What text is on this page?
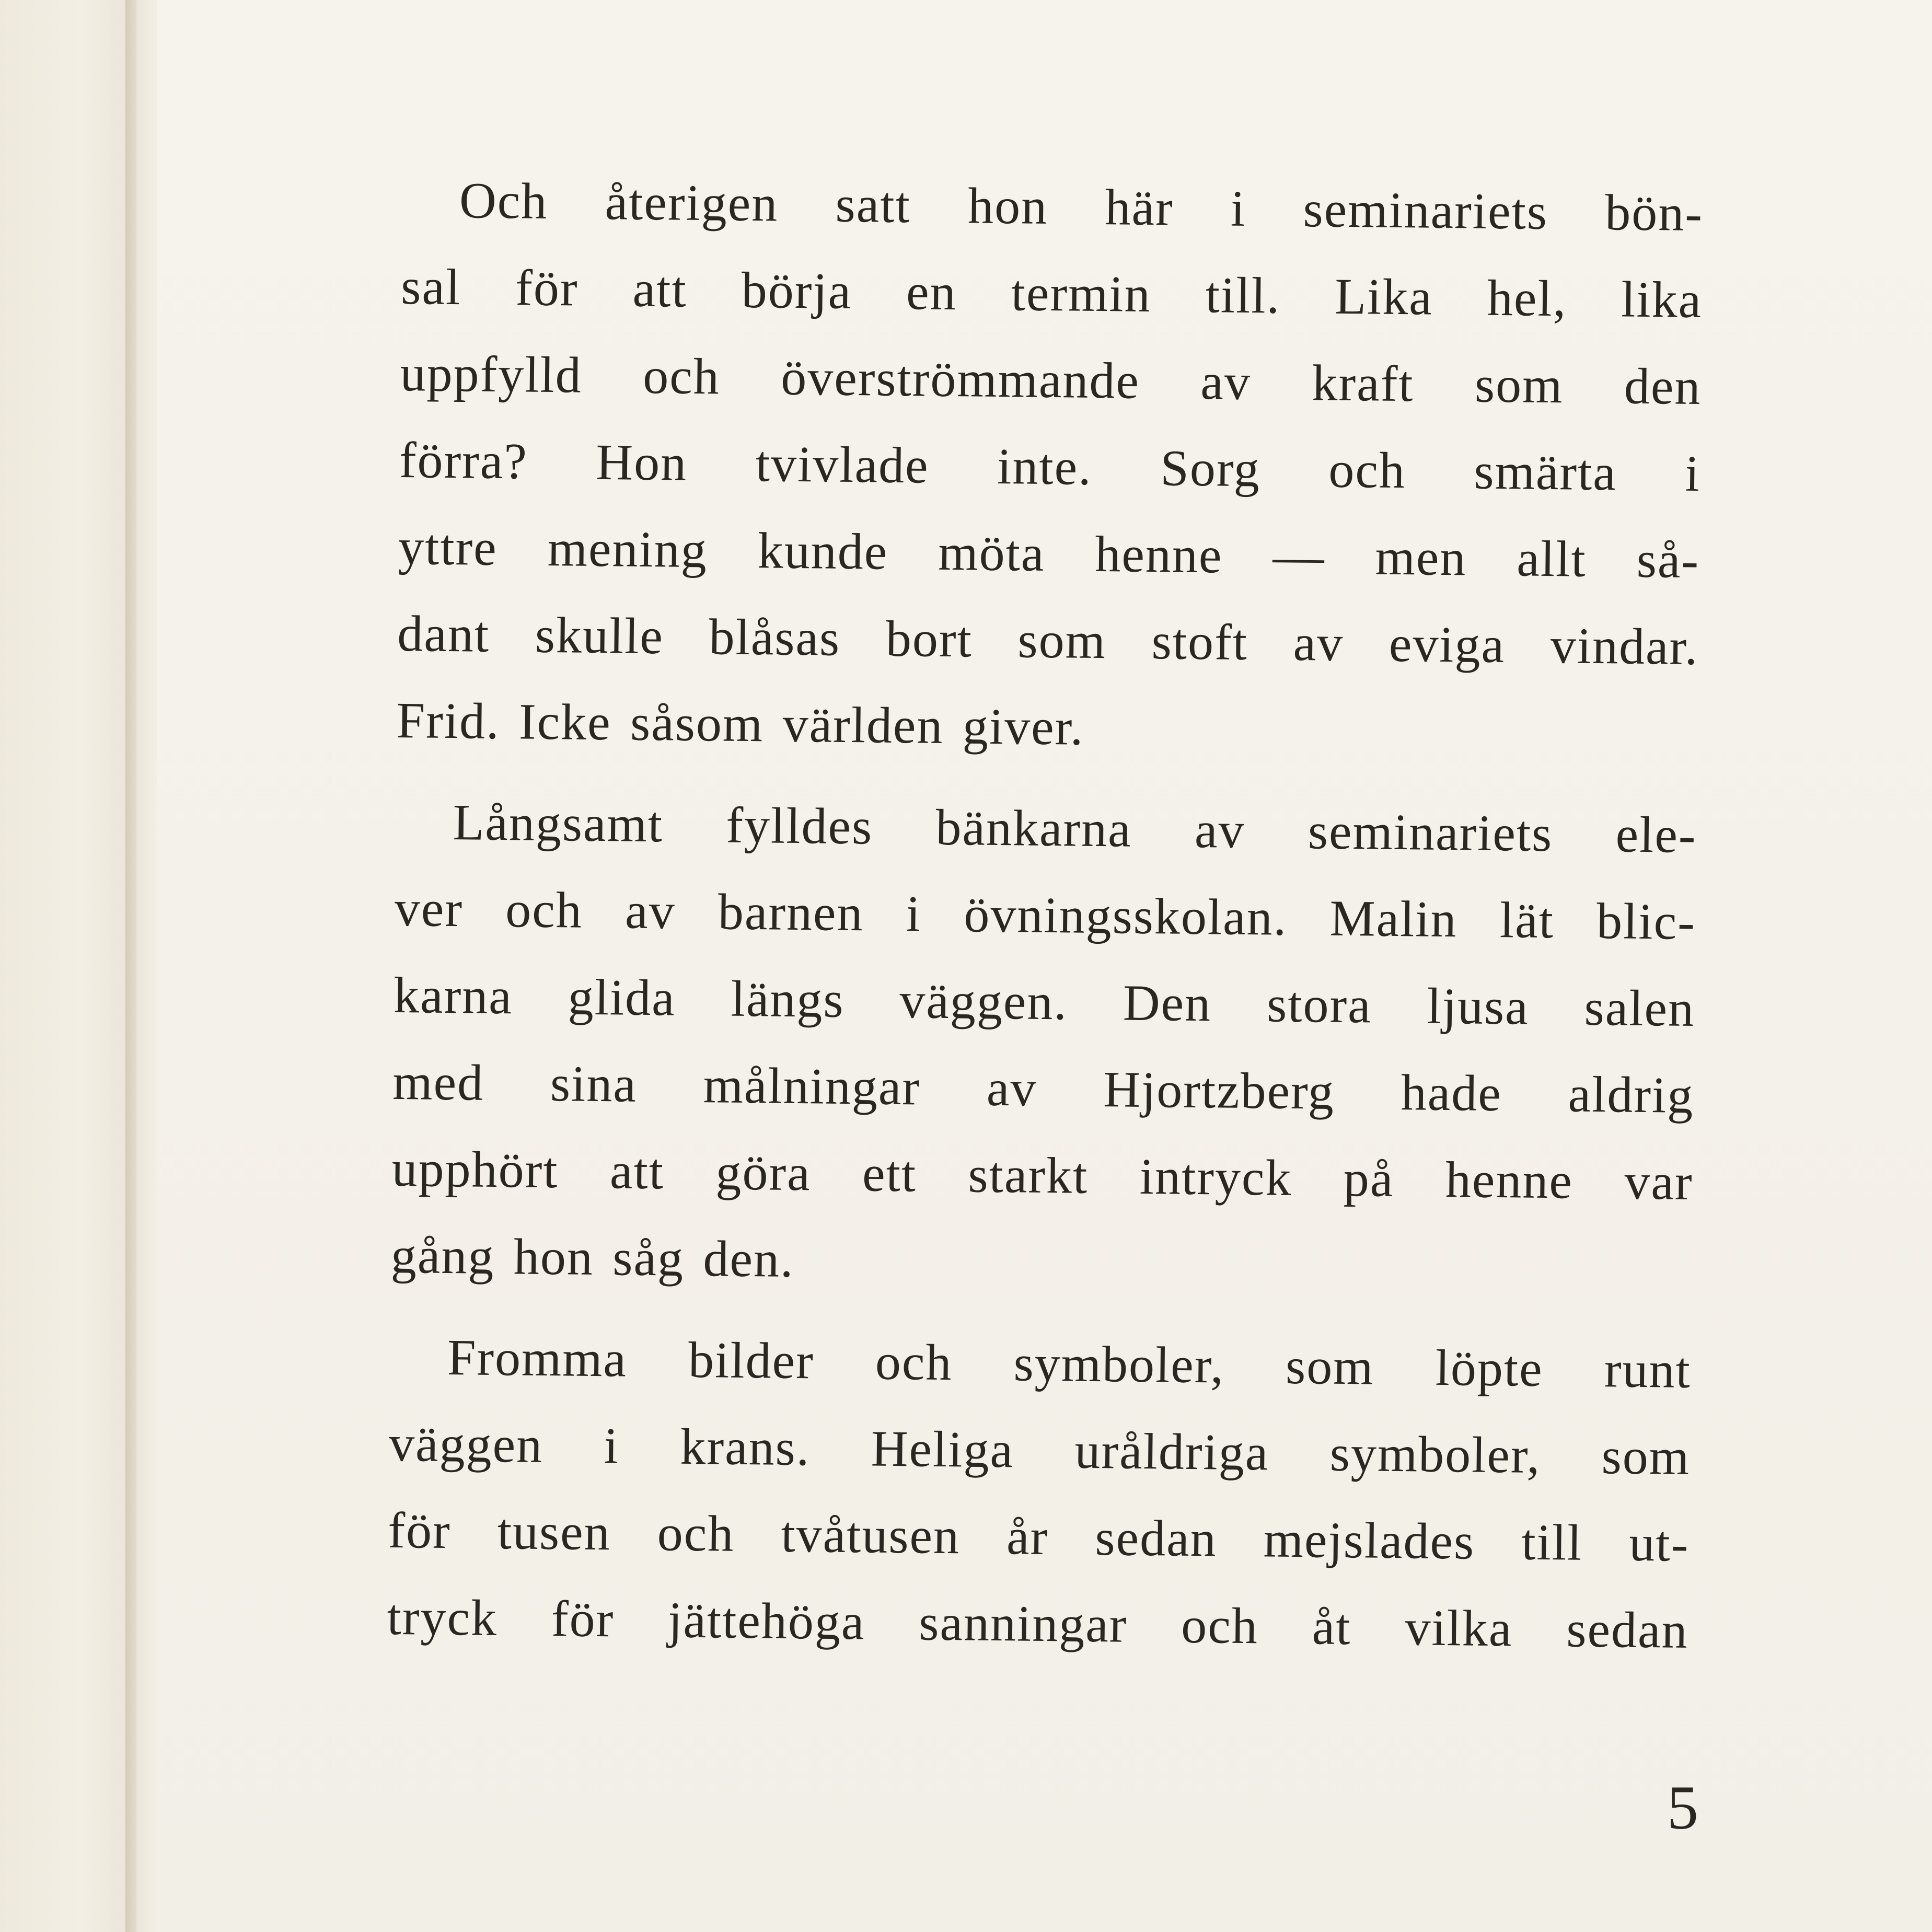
Och återigen satt hon här i seminariets bön-
sal för att börja en termin till. Lika hel, lika
uppfylld och överströmmande av kraft som den
förra? Hon tvivlade inte. Sorg och smärta i
yttre mening kunde möta henne — men allt så-
dant skulle blåsas bort som stoft av eviga vindar.
Frid. Icke såsom världen giver.
Långsamt fylldes bänkarna av seminariets ele-
ver och av barnen i övningsskolan. Malin lät blic-
karna glida längs väggen. Den stora ljusa salen
med sina målningar av Hjortzberg hade aldrig
upphört att göra ett starkt intryck på henne var
gång hon såg den.
Fromma bilder och symboler, som löpte runt
väggen i krans. Heliga uråldriga symboler, som
för tusen och tvåtusen år sedan mejslades till ut-
tryck för jättehöga sanningar och åt vilka sedan
5
